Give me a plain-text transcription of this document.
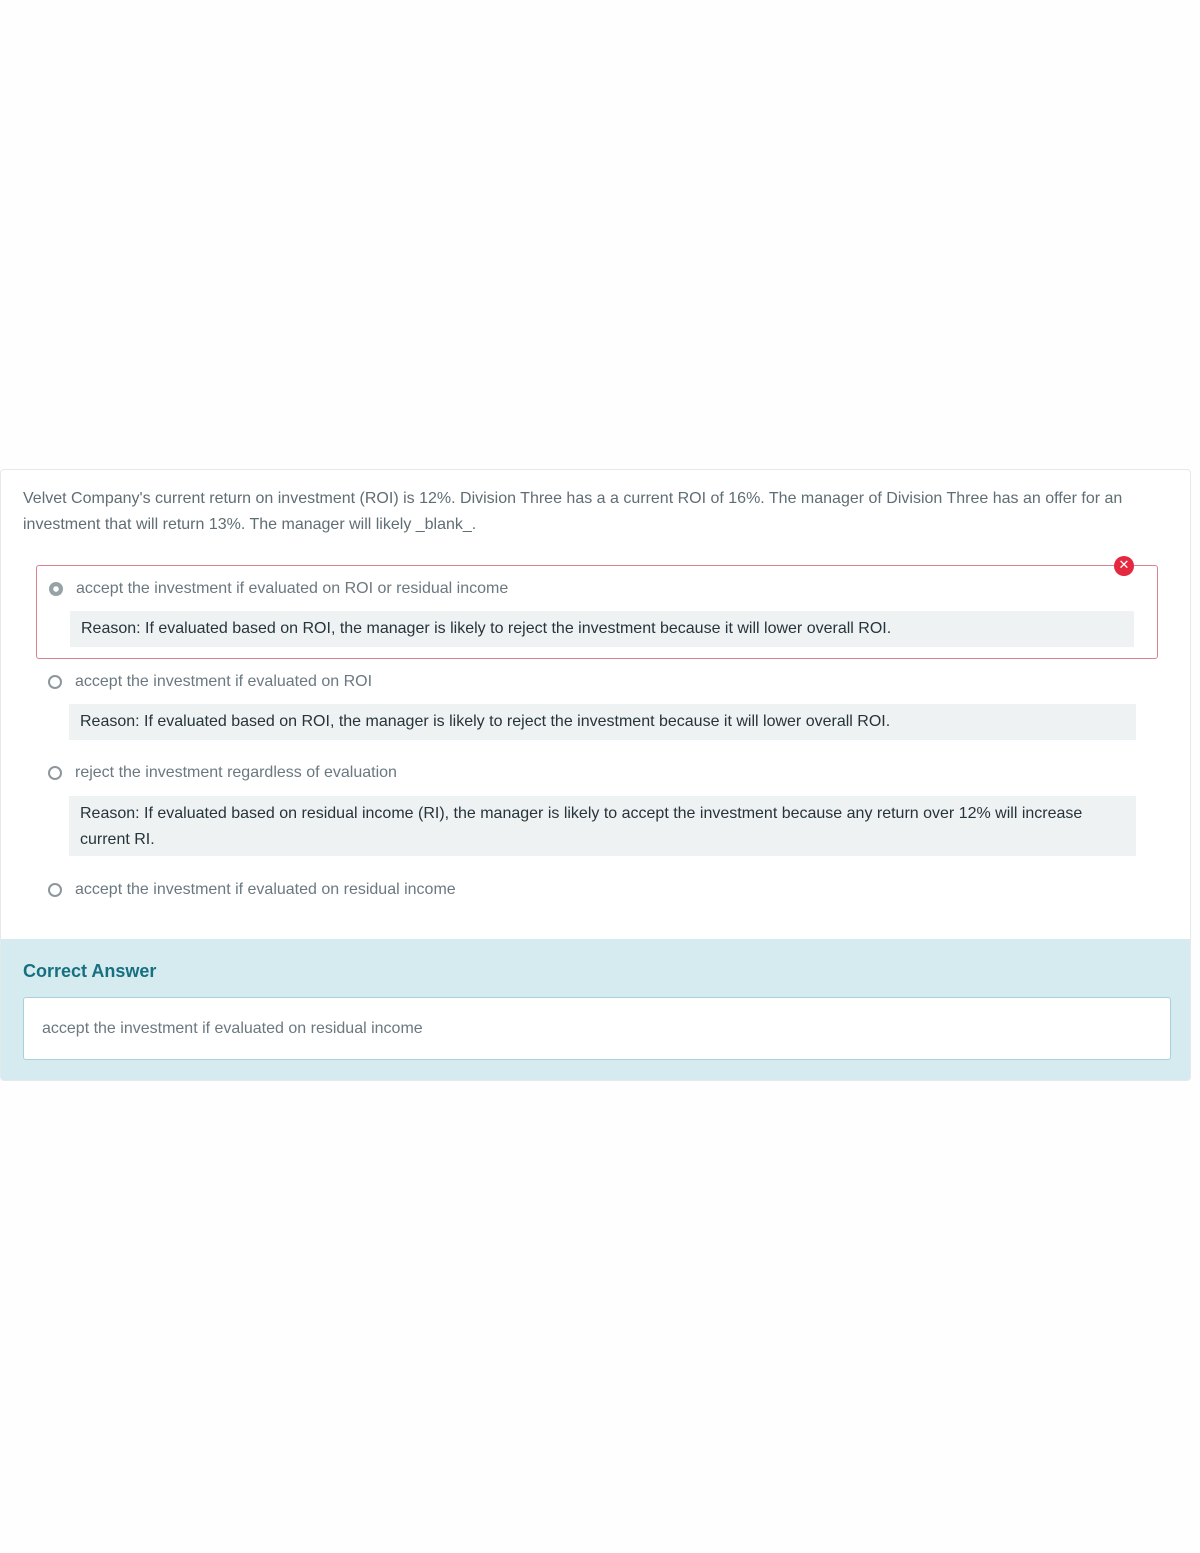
Velvet Company's current return on investment (ROI) is 12%. Division Three has a a current ROI of 16%. The manager of Division Three has an offer for an investment that will return 13%. The manager will likely _blank_.

✕
accept the investment if evaluated on ROI or residual income
Reason: If evaluated based on ROI, the manager is likely to reject the investment because it will lower overall ROI.
accept the investment if evaluated on ROI
Reason: If evaluated based on ROI, the manager is likely to reject the investment because it will lower overall ROI.
reject the investment regardless of evaluation
Reason: If evaluated based on residual income (RI), the manager is likely to accept the investment because any return over 12% will increase current RI.
accept the investment if evaluated on residual income
Correct Answer
accept the investment if evaluated on residual income
